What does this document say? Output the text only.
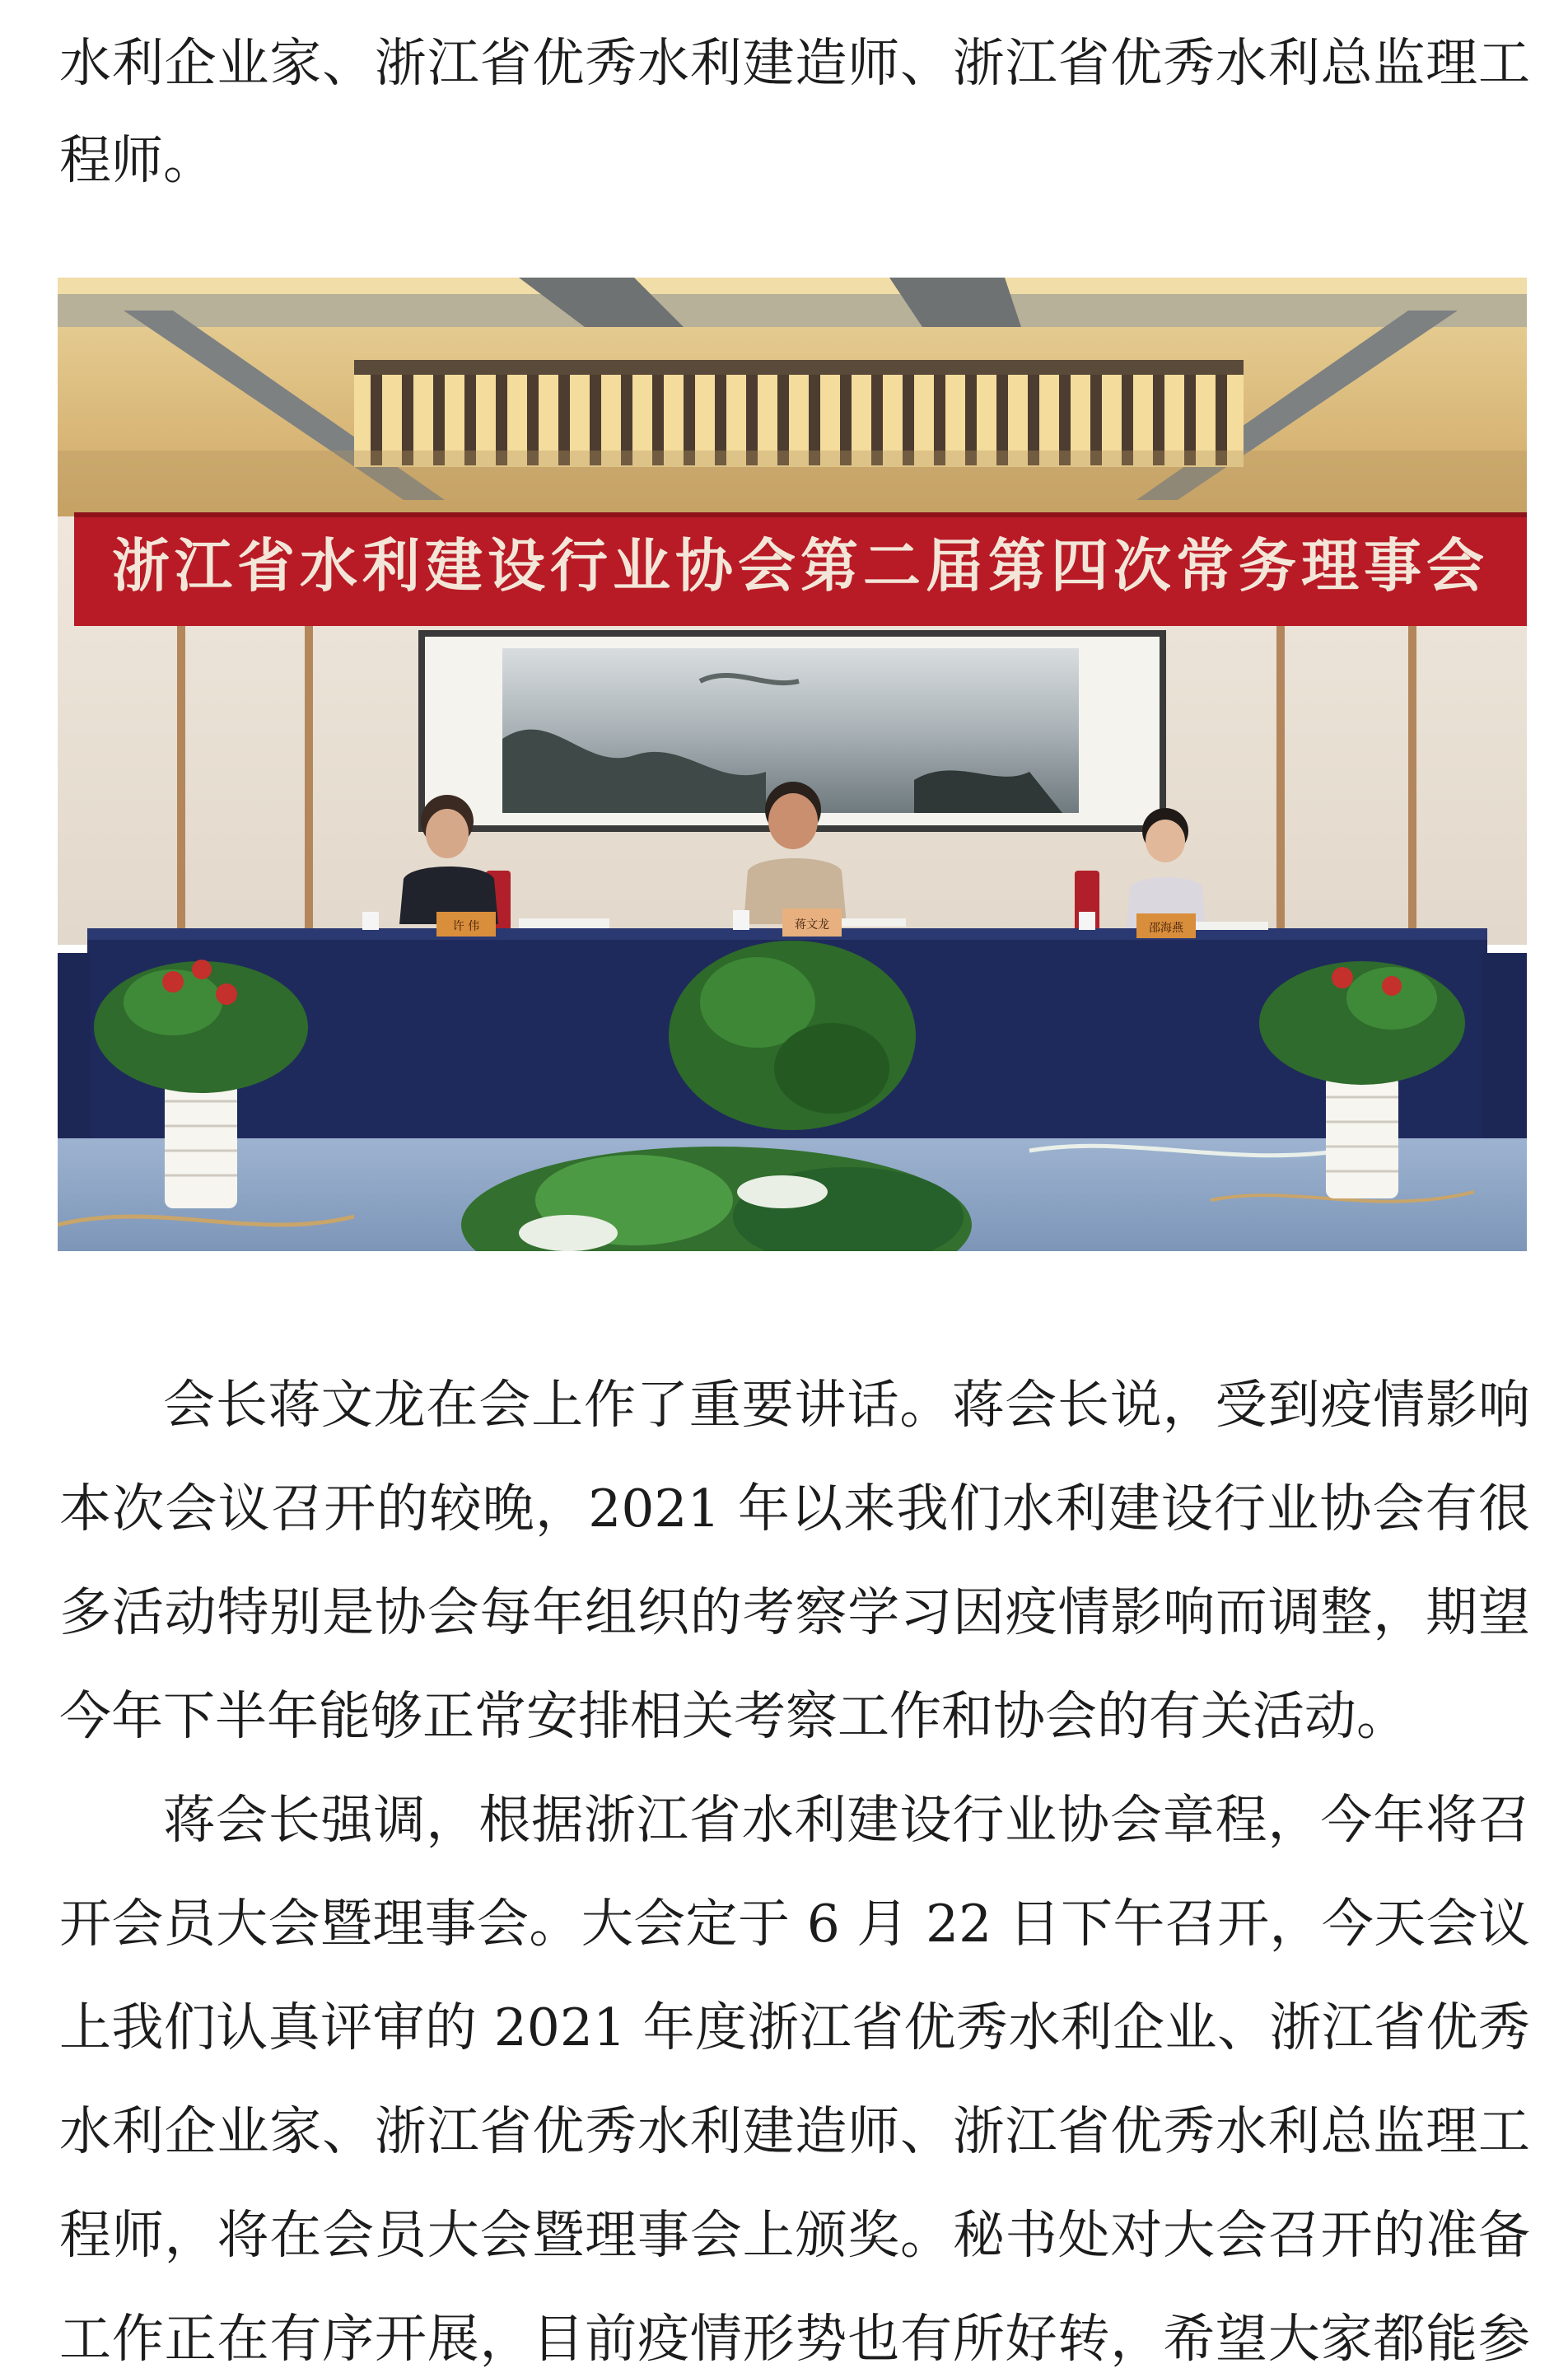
水利企业家、浙江省优秀水利建造师、浙江省优秀水利总监理工
程师。
浙江省水利建设行业协会第二届第四次常务理事会
许 伟	蒋文龙	邵海燕
会长蒋文龙在会上作了重要讲话。蒋会长说，受到疫情影响
本次会议召开的较晚，2021 年以来我们水利建设行业协会有很
多活动特别是协会每年组织的考察学习因疫情影响而调整，期望
今年下半年能够正常安排相关考察工作和协会的有关活动。
蒋会长强调，根据浙江省水利建设行业协会章程，今年将召
开会员大会暨理事会。大会定于 6 月 22 日下午召开，今天会议
上我们认真评审的 2021 年度浙江省优秀水利企业、浙江省优秀
水利企业家、浙江省优秀水利建造师、浙江省优秀水利总监理工
程师，将在会员大会暨理事会上颁奖。秘书处对大会召开的准备
工作正在有序开展，目前疫情形势也有所好转，希望大家都能参
